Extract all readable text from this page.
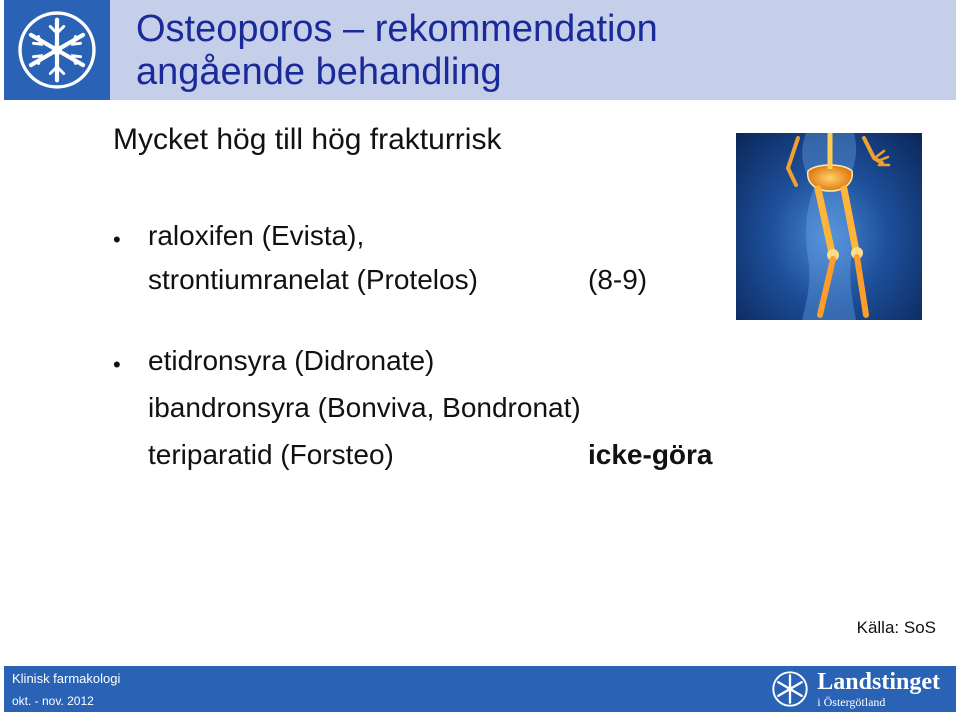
Osteoporos – rekommendation
angående behandling
Mycket hög till hög frakturrisk
• raloxifen (Evista),
strontiumranelat (Protelos)	(8-9)
• etidronsyra (Didronate)
ibandronsyra (Bonviva, Bondronat)
teriparatid (Forsteo)	icke-göra
Källa: SoS
Klinisk farmakologi
okt. - nov. 2012
Landstinget
i Östergötland
